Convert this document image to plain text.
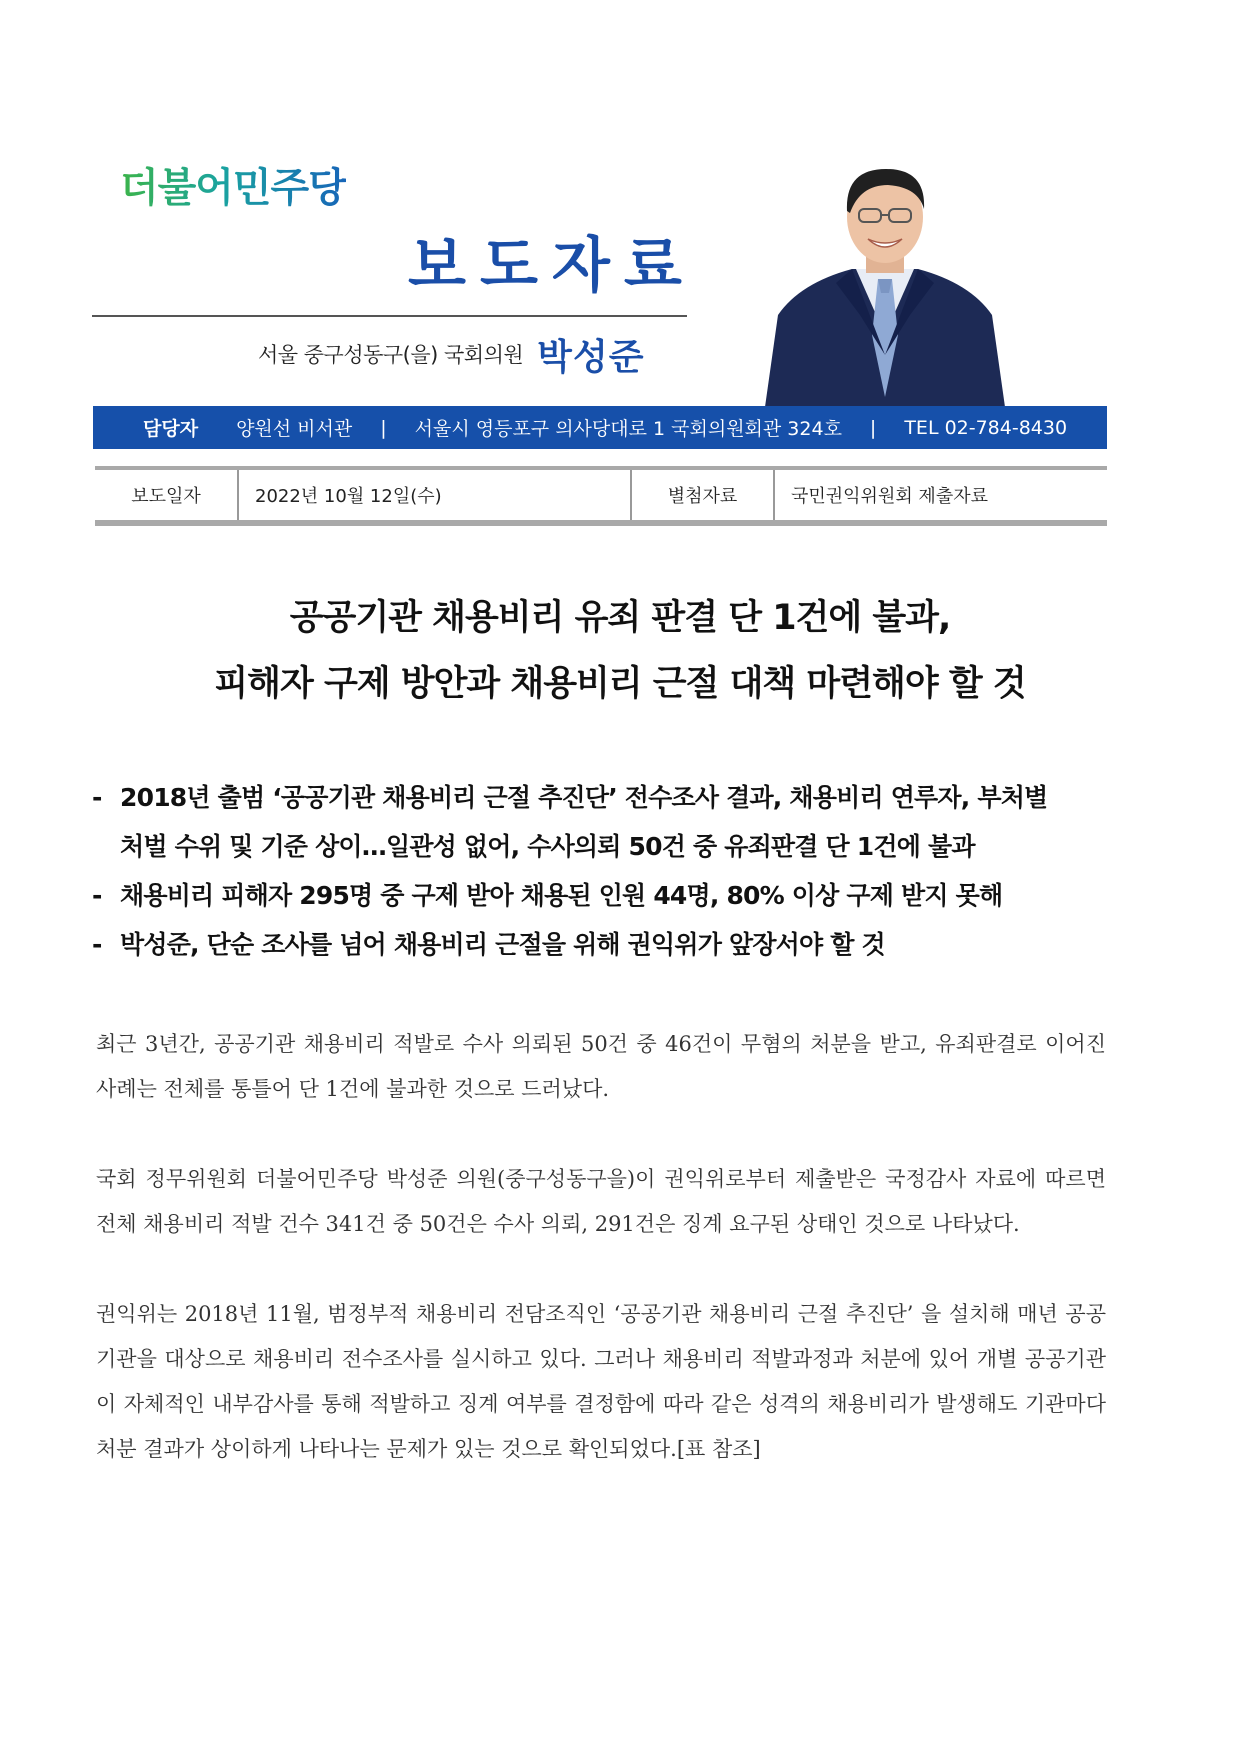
더불어민주당
보도자료
서울 중구성동구(을) 국회의원 박성준
담당자 양원선 비서관 | 서울시 영등포구 의사당대로 1 국회의원회관 324호 | TEL 02-784-8430
보도일자	2022년 10월 12일(수)	별첨자료	국민권익위원회 제출자료
공공기관 채용비리 유죄 판결 단 1건에 불과,
피해자 구제 방안과 채용비리 근절 대책 마련해야 할 것
- 2018년 출범 ‘공공기관 채용비리 근절 추진단’ 전수조사 결과, 채용비리 연루자, 부처별
처벌 수위 및 기준 상이…일관성 없어, 수사의뢰 50건 중 유죄판결 단 1건에 불과
- 채용비리 피해자 295명 중 구제 받아 채용된 인원 44명, 80% 이상 구제 받지 못해
- 박성준, 단순 조사를 넘어 채용비리 근절을 위해 권익위가 앞장서야 할 것

최근 3년간, 공공기관 채용비리 적발로 수사 의뢰된 50건 중 46건이 무혐의 처분을 받고, 유죄판결로 이어진 사례는 전체를 통틀어 단 1건에 불과한 것으로 드러났다.

국회 정무위원회 더불어민주당 박성준 의원(중구성동구을)이 권익위로부터 제출받은 국정감사 자료에 따르면 전체 채용비리 적발 건수 341건 중 50건은 수사 의뢰, 291건은 징계 요구된 상태인 것으로 나타났다.

권익위는 2018년 11월, 범정부적 채용비리 전담조직인 ‘공공기관 채용비리 근절 추진단’ 을 설치해 매년 공공기관을 대상으로 채용비리 전수조사를 실시하고 있다. 그러나 채용비리 적발과정과 처분에 있어 개별 공공기관이 자체적인 내부감사를 통해 적발하고 징계 여부를 결정함에 따라 같은 성격의 채용비리가 발생해도 기관마다 처분 결과가 상이하게 나타나는 문제가 있는 것으로 확인되었다.[표 참조]
